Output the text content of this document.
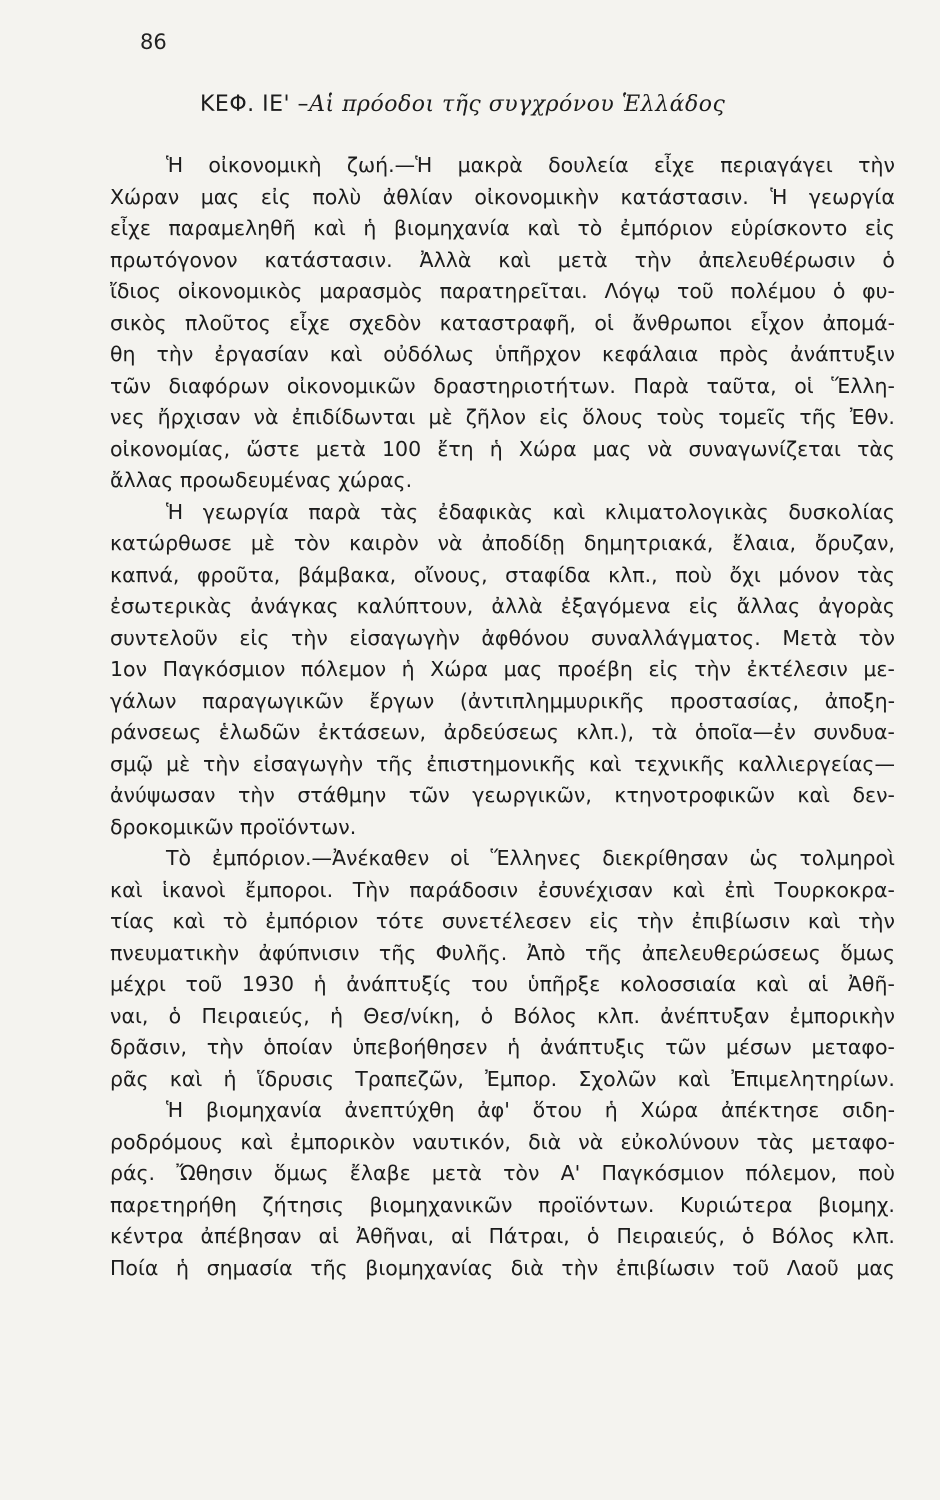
86
ΚΕΦ. ΙΕ' –Αἱ πρόοδοι τῆς συγχρόνου Ἑλλάδος
Ἡ οἰκονομικὴ ζωή.—Ἡ μακρὰ δουλεία εἶχε περιαγάγει τὴν
Χώραν μας εἰς πολὺ ἀθλίαν οἰκονομικὴν κατάστασιν. Ἡ γεωργία
εἶχε παραμεληθῆ καὶ ἡ βιομηχανία καὶ τὸ ἐμπόριον εὑρίσκοντο εἰς
πρωτόγονον κατάστασιν. Ἀλλὰ καὶ μετὰ τὴν ἀπελευθέρωσιν ὁ
ἴδιος οἰκονομικὸς μαρασμὸς παρατηρεῖται. Λόγῳ τοῦ πολέμου ὁ φυ-
σικὸς πλοῦτος εἶχε σχεδὸν καταστραφῆ, οἱ ἄνθρωποι εἶχον ἀπομά-
θη τὴν ἐργασίαν καὶ οὐδόλως ὑπῆρχον κεφάλαια πρὸς ἀνάπτυξιν
τῶν διαφόρων οἰκονομικῶν δραστηριοτήτων. Παρὰ ταῦτα, οἱ Ἕλλη-
νες ἤρχισαν νὰ ἐπιδίδωνται μὲ ζῆλον εἰς ὅλους τοὺς τομεῖς τῆς Ἐθν.
οἰκονομίας, ὥστε μετὰ 100 ἔτη ἡ Χώρα μας νὰ συναγωνίζεται τὰς
ἄλλας προωδευμένας χώρας.
Ἡ γεωργία παρὰ τὰς ἐδαφικὰς καὶ κλιματολογικὰς δυσκολίας
κατώρθωσε μὲ τὸν καιρὸν νὰ ἀποδίδῃ δημητριακά, ἔλαια, ὄρυζαν,
καπνά, φροῦτα, βάμβακα, οἴνους, σταφίδα κλπ., ποὺ ὄχι μόνον τὰς
ἐσωτερικὰς ἀνάγκας καλύπτουν, ἀλλὰ ἐξαγόμενα εἰς ἄλλας ἀγορὰς
συντελοῦν εἰς τὴν εἰσαγωγὴν ἀφθόνου συναλλάγματος. Μετὰ τὸν
1ον Παγκόσμιον πόλεμον ἡ Χώρα μας προέβη εἰς τὴν ἐκτέλεσιν με-
γάλων παραγωγικῶν ἔργων (ἀντιπλημμυρικῆς προστασίας, ἀποξη-
ράνσεως ἑλωδῶν ἐκτάσεων, ἀρδεύσεως κλπ.), τὰ ὁποῖα—ἐν συνδυα-
σμῷ μὲ τὴν εἰσαγωγὴν τῆς ἐπιστημονικῆς καὶ τεχνικῆς καλλιεργείας—
ἀνύψωσαν τὴν στάθμην τῶν γεωργικῶν, κτηνοτροφικῶν καὶ δεν-
δροκομικῶν προϊόντων.
Τὸ ἐμπόριον.—Ἀνέκαθεν οἱ Ἕλληνες διεκρίθησαν ὡς τολμηροὶ
καὶ ἱκανοὶ ἔμποροι. Τὴν παράδοσιν ἐσυνέχισαν καὶ ἐπὶ Τουρκοκρα-
τίας καὶ τὸ ἐμπόριον τότε συνετέλεσεν εἰς τὴν ἐπιβίωσιν καὶ τὴν
πνευματικὴν ἀφύπνισιν τῆς Φυλῆς. Ἀπὸ τῆς ἀπελευθερώσεως ὅμως
μέχρι τοῦ 1930 ἡ ἀνάπτυξίς του ὑπῆρξε κολοσσιαία καὶ αἱ Ἀθῆ-
ναι, ὁ Πειραιεύς, ἡ Θεσ/νίκη, ὁ Βόλος κλπ. ἀνέπτυξαν ἐμπορικὴν
δρᾶσιν, τὴν ὁποίαν ὑπεβοήθησεν ἡ ἀνάπτυξις τῶν μέσων μεταφο-
ρᾶς καὶ ἡ ἵδρυσις Τραπεζῶν, Ἐμπορ. Σχολῶν καὶ Ἐπιμελητηρίων.
Ἡ βιομηχανία ἀνεπτύχθη ἀφ' ὅτου ἡ Χώρα ἀπέκτησε σιδη-
ροδρόμους καὶ ἐμπορικὸν ναυτικόν, διὰ νὰ εὐκολύνουν τὰς μεταφο-
ράς. Ὤθησιν ὅμως ἔλαβε μετὰ τὸν Α' Παγκόσμιον πόλεμον, ποὺ
παρετηρήθη ζήτησις βιομηχανικῶν προϊόντων. Κυριώτερα βιομηχ.
κέντρα ἀπέβησαν αἱ Ἀθῆναι, αἱ Πάτραι, ὁ Πειραιεύς, ὁ Βόλος κλπ.
Ποία ἡ σημασία τῆς βιομηχανίας διὰ τὴν ἐπιβίωσιν τοῦ Λαοῦ μας
